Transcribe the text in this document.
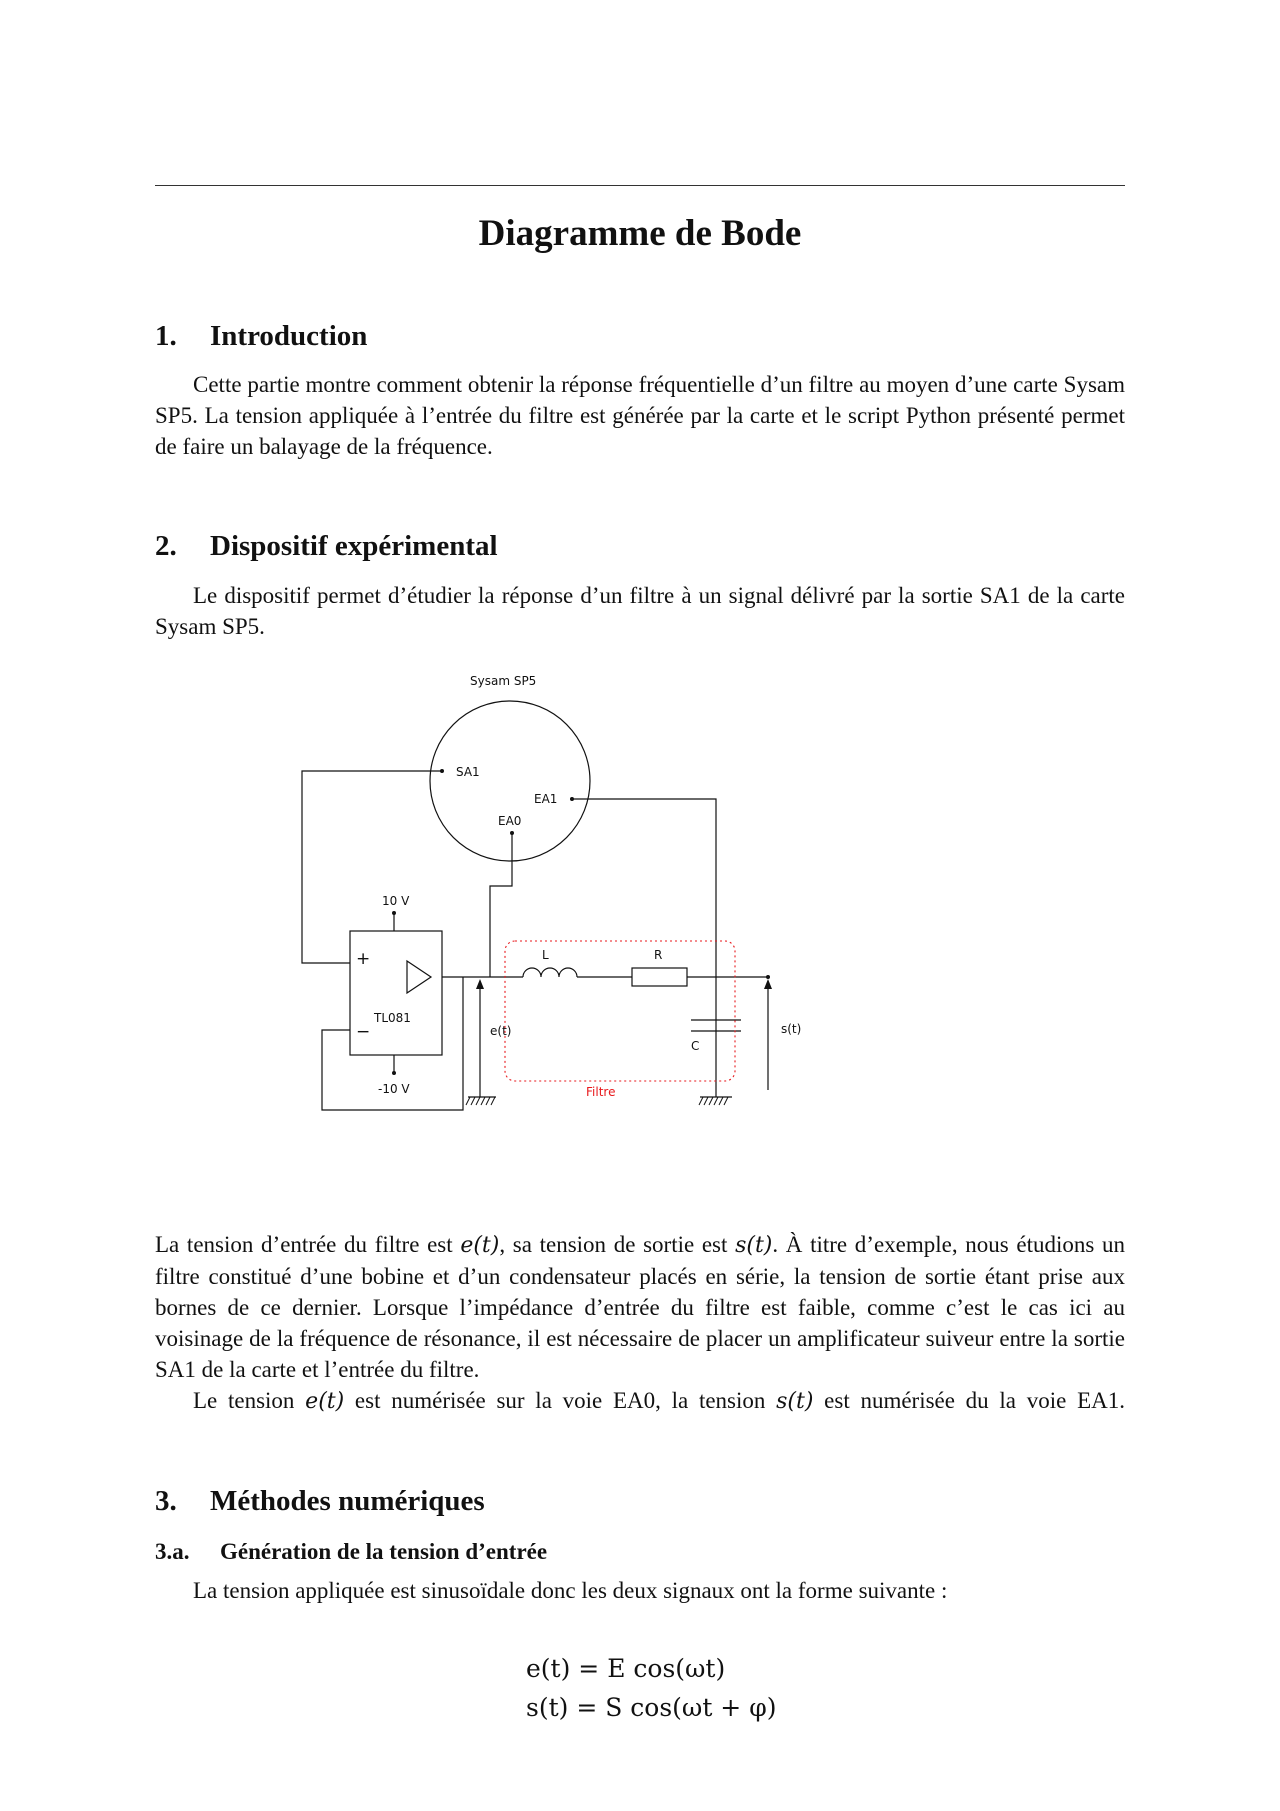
Diagramme de Bode
1. Introduction

Cette partie montre comment obtenir la réponse fréquentielle d’un filtre au moyen d’une carte Sysam SP5. La tension appliquée à l’entrée du filtre est générée par la carte et le script Python présenté permet de faire un balayage de la fréquence.

2. Dispositif expérimental

Le dispositif permet d’étudier la réponse d’un filtre à un signal délivré par la sortie SA1 de la carte Sysam SP5.

Sysam SP5
SA1
EA1
EA0
10 V
-10 V
TL081
+
−
L	R
C
e(t)	s(t)
Filtre

La tension d’entrée du filtre est e(t), sa tension de sortie est s(t). À titre d’exemple, nous étudions un filtre constitué d’une bobine et d’un condensateur placés en série, la tension de sortie étant prise aux bornes de ce dernier. Lorsque l’impédance d’entrée du filtre est faible, comme c’est le cas ici au voisinage de la fréquence de résonance, il est nécessaire de placer un amplificateur suiveur entre la sortie SA1 de la carte et l’entrée du filtre.

Le tension e(t) est numérisée sur la voie EA0, la tension s(t) est numérisée du la voie EA1.

3. Méthodes numériques
3.a. Génération de la tension d’entrée

La tension appliquée est sinusoïdale donc les deux signaux ont la forme suivante :

e(t) = E cos(ωt)
s(t) = S cos(ωt + φ)
